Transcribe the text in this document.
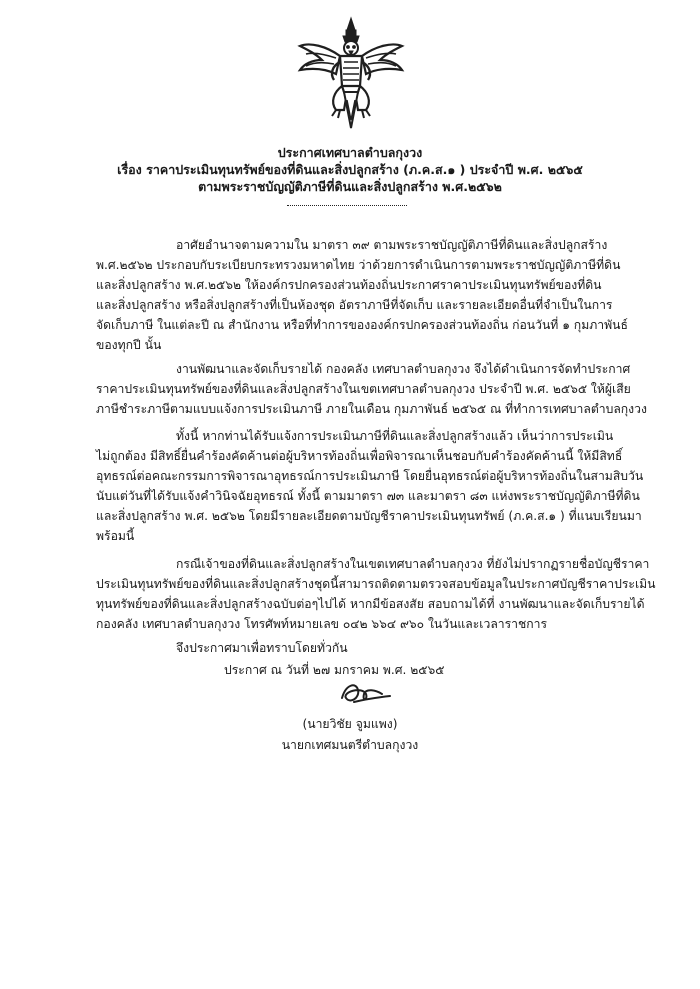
ประกาศเทศบาลตำบลกุงวง
เรื่อง ราคาประเมินทุนทรัพย์ของที่ดินและสิ่งปลูกสร้าง (ภ.ค.ส.๑ ) ประจำปี พ.ศ. ๒๕๖๕
ตามพระราชบัญญัติภาษีที่ดินและสิ่งปลูกสร้าง พ.ศ.๒๕๖๒
อาศัยอำนาจตามความใน มาตรา ๓๙ ตามพระราชบัญญัติภาษีที่ดินและสิ่งปลูกสร้าง
พ.ศ.๒๕๖๒ ประกอบกับระเบียบกระทรวงมหาดไทย ว่าด้วยการดำเนินการตามพระราชบัญญัติภาษีที่ดิน
และสิ่งปลูกสร้าง พ.ศ.๒๕๖๒ ให้องค์กรปกครองส่วนท้องถิ่นประกาศราคาประเมินทุนทรัพย์ของที่ดิน
และสิ่งปลูกสร้าง หรือสิ่งปลูกสร้างที่เป็นห้องชุด อัตราภาษีที่จัดเก็บ และรายละเอียดอื่นที่จำเป็นในการ
จัดเก็บภาษี ในแต่ละปี ณ สำนักงาน หรือที่ทำการขององค์กรปกครองส่วนท้องถิ่น ก่อนวันที่ ๑ กุมภาพันธ์
ของทุกปี นั้น
งานพัฒนาและจัดเก็บรายได้ กองคลัง เทศบาลตำบลกุงวง จึงได้ดำเนินการจัดทำประกาศ
ราคาประเมินทุนทรัพย์ของที่ดินและสิ่งปลูกสร้างในเขตเทศบาลตำบลกุงวง ประจำปี พ.ศ. ๒๕๖๕ ให้ผู้เสีย
ภาษีชำระภาษีตามแบบแจ้งการประเมินภาษี ภายในเดือน กุมภาพันธ์ ๒๕๖๕ ณ ที่ทำการเทศบาลตำบลกุงวง
ทั้งนี้ หากท่านได้รับแจ้งการประเมินภาษีที่ดินและสิ่งปลูกสร้างแล้ว เห็นว่าการประเมิน
ไม่ถูกต้อง มีสิทธิ์ยื่นคำร้องคัดค้านต่อผู้บริหารท้องถิ่นเพื่อพิจารณาเห็นชอบกับคำร้องคัดค้านนี้ ให้มีสิทธิ์
อุทธรณ์ต่อคณะกรรมการพิจารณาอุทธรณ์การประเมินภาษี โดยยื่นอุทธรณ์ต่อผู้บริหารท้องถิ่นในสามสิบวัน
นับแต่วันที่ได้รับแจ้งคำวินิจฉัยอุทธรณ์ ทั้งนี้ ตามมาตรา ๗๓ และมาตรา ๘๓ แห่งพระราชบัญญัติภาษีที่ดิน
และสิ่งปลูกสร้าง พ.ศ. ๒๕๖๒ โดยมีรายละเอียดตามบัญชีราคาประเมินทุนทรัพย์ (ภ.ค.ส.๑ ) ที่แนบเรียนมา
พร้อมนี้
กรณีเจ้าของที่ดินและสิ่งปลูกสร้างในเขตเทศบาลตำบลกุงวง ที่ยังไม่ปรากฏรายชื่อบัญชีราคา
ประเมินทุนทรัพย์ของที่ดินและสิ่งปลูกสร้างชุดนี้สามารถติดตามตรวจสอบข้อมูลในประกาศบัญชีราคาประเมิน
ทุนทรัพย์ของที่ดินและสิ่งปลูกสร้างฉบับต่อๆไปได้ หากมีข้อสงสัย สอบถามได้ที่ งานพัฒนาและจัดเก็บรายได้
กองคลัง เทศบาลตำบลกุงวง โทรศัพท์หมายเลข ๐๔๒ ๖๖๔ ๙๖๐ ในวันและเวลาราชการ
จึงประกาศมาเพื่อทราบโดยทั่วกัน
ประกาศ ณ วันที่ ๒๗ มกราคม พ.ศ. ๒๕๖๕
(นายวิชัย จูมแพง)
นายกเทศมนตรีตำบลกุงวง
